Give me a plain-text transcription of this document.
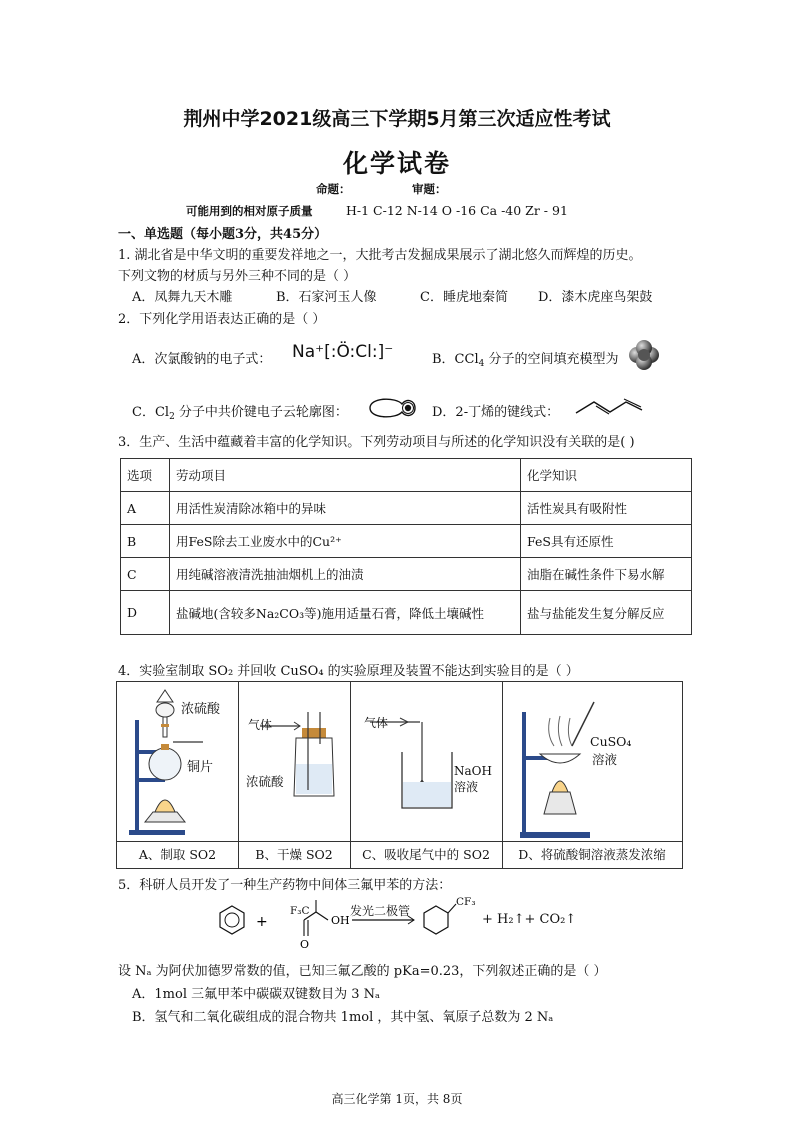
荆州中学2021级高三下学期5月第三次适应性考试
化学试卷
命题：	审题：
可能用到的相对原子质量	H-1 C-12 N-14 O -16 Ca -40 Zr - 91
一、单选题（每小题3分，共45分）
1. 湖北省是中华文明的重要发祥地之一，大批考古发掘成果展示了湖北悠久而辉煌的历史。
下列文物的材质与另外三种不同的是（ ）
A．凤舞九天木雕	B．石家河玉人像	C．睡虎地秦简 D．漆木虎座鸟架鼓
2．下列化学用语表达正确的是（ ）
A．次氯酸钠的电子式： Na⁺[:Ö:Cl:]⁻	B．CCl$_4$ 分子的空间填充模型为
C．$Cl_2$ 分子中共价键电子云轮廓图：	D．2-丁烯的键线式：
3．生产、生活中蕴藏着丰富的化学知识。下列劳动项目与所述的化学知识没有关联的是( )
选项	劳动项目	化学知识
A	用活性炭清除冰箱中的异味	活性炭具有吸附性
B	用FeS除去工业废水中的Cu²⁺	FeS具有还原性
C	用纯碱溶液清洗抽油烟机上的油渍	油脂在碱性条件下易水解
D	盐碱地(含较多Na₂CO₃等)施用适量石膏，降低土壤碱性	盐与盐能发生复分解反应
4．实验室制取 SO₂ 并回收 CuSO₄ 的实验原理及装置不能达到实验目的是（ ）
浓硫酸
铜片
A、制取 SO2
气体
浓硫酸
B、干燥 SO2
气体
NaOH
溶液
C、吸收尾气中的 SO2
CuSO₄
溶液
D、将硫酸铜溶液蒸发浓缩
5．科研人员开发了一种生产药物中间体三氟甲苯的方法：
+
O
OH
F₃C	发光二极管
CF₃
+ H₂↑+ CO₂↑
设 Nₐ 为阿伏加德罗常数的值，已知三氟乙酸的 pKa=0.23，下列叙述正确的是（ ）
A．1mol 三氟甲苯中碳碳双键数目为 3 Nₐ
B．氢气和二氧化碳组成的混合物共 1mol ，其中氢、氧原子总数为 2 Nₐ
高三化学第 1页，共 8页
